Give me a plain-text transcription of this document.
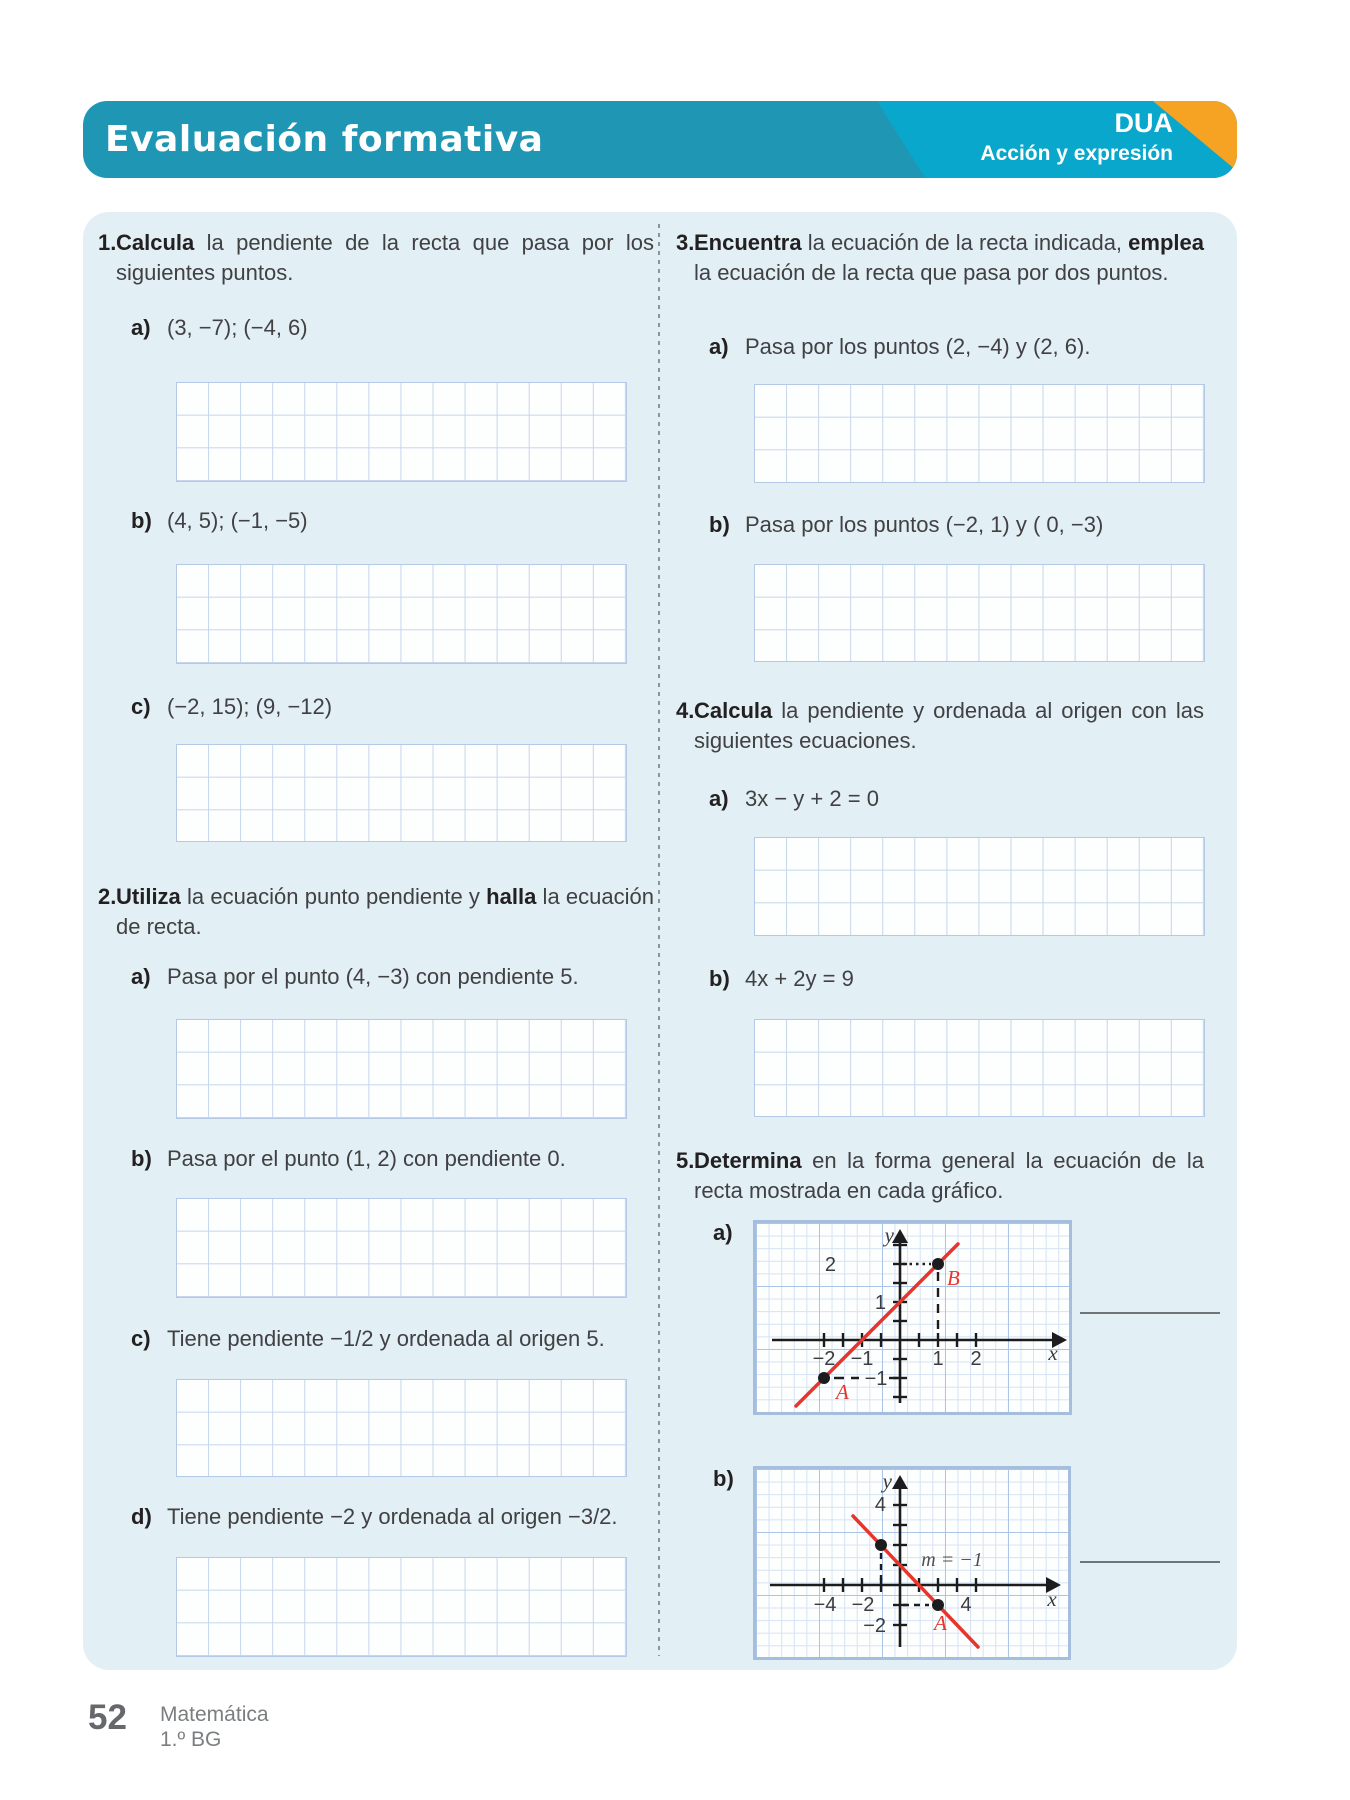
Evaluación formativa	DUA
Acción y expresión
1. Calcula la pendiente de la recta que pasa por los siguientes puntos.
a) (3, −7); (−4, 6)
b) (4, 5); (−1, −5)
c) (−2, 15); (9, −12)
2. Utiliza la ecuación punto pendiente y halla la ecuación de recta.
a) Pasa por el punto (4, −3) con pendiente 5.
b) Pasa por el punto (1, 2) con pendiente 0.
c) Tiene pendiente −1/2 y ordenada al origen 5.
d) Tiene pendiente −2 y ordenada al origen −3/2.
3. Encuentra la ecuación de la recta indicada, emplea la ecuación de la recta que pasa por dos puntos.
a) Pasa por los puntos (2, −4) y (2, 6).
b) Pasa por los puntos (−2, 1) y ( 0, −3)
4. Calcula la pendiente y ordenada al origen con las siguientes ecuaciones.
a) 3x − y + 2 = 0
b) 4x + 2y = 9
5. Determina en la forma general la ecuación de la recta mostrada en cada gráfico.
a)
2
1
−2 −1	1 2
−1
x
y
A
B
b)
4
−2
−4 −2	4
m = −1
x
y
A
52 Matemática
1.º BG
